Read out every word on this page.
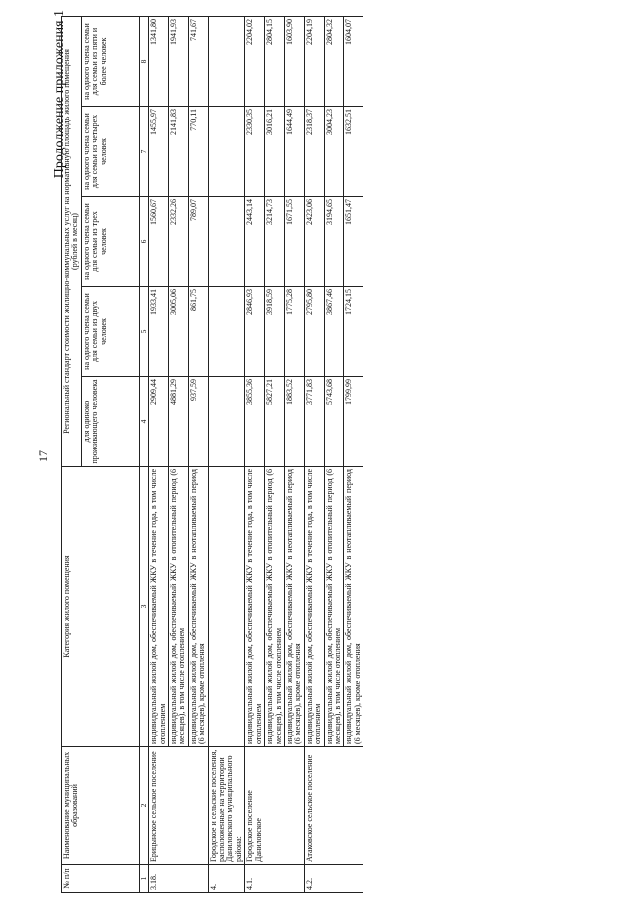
17
Продолжение приложения 1
№ п/п	Наименование муниципальных образований	Категория жилого помещения	Региональный стандарт стоимости жилищно-коммунальных услуг на нормативную площадь жилого помещения (рублей в месяц)				

			для одиноко проживающего человека	на одного члена семьи для семьи из двух человек	на одного члена семьи для семьи из трех человек	на одного члена семьи для семьи из четырех человек	на одного члена семьи для семьи из пяти и более человек
1	2	3	4	5	6	7	8
3.18.	Ерицынское сельское поселение	индивидуальный жилой дом, обеспечиваемый ЖКУ в течение года, в том числе отоплением	2909,44	1933,41	1560,67	1455,97	1341,80
		индивидуальный жилой дом, обеспечиваемый ЖКУ в отопительный период (6 месяцев), в том числе отоплением	4881,29	3005,06	2332,26	2141,83	1941,93
		индивидуальный жилой дом, обеспечиваемый ЖКУ в неотапливаемый период (6 месяцев), кроме отопления	937,59	861,75	789,07	770,11	741,67
4.	Городское и сельские поселения, расположенные на территории Даниловского муниципального района:						
4.1.	Городское поселение Даниловское	индивидуальный жилой дом, обеспечиваемый ЖКУ в течение года, в том числе отоплением	3855,36	2846,93	2443,14	2330,35	2204,02
		индивидуальный жилой дом, обеспечиваемый ЖКУ в отопительный период (6 месяцев), в том числе отоплением	5827,21	3918,59	3214,73	3016,21	2804,15
		индивидуальный жилой дом, обеспечиваемый ЖКУ в неотапливаемый период (6 месяцев), кроме отопления	1883,52	1775,28	1671,55	1644,49	1603,90
4.2.	Атаковское сельское поселение	индивидуальный жилой дом, обеспечиваемый ЖКУ в течение года, в том числе отоплением	3771,83	2795,80	2423,06	2318,37	2204,19
		индивидуальный жилой дом, обеспечиваемый ЖКУ в отопительный период (6 месяцев), в том числе отоплением	5743,68	3867,46	3194,65	3004,23	2804,32
		индивидуальный жилой дом, обеспечиваемый ЖКУ в неотапливаемый период (6 месяцев), кроме отопления	1799,99	1724,15	1651,47	1632,51	1604,07
